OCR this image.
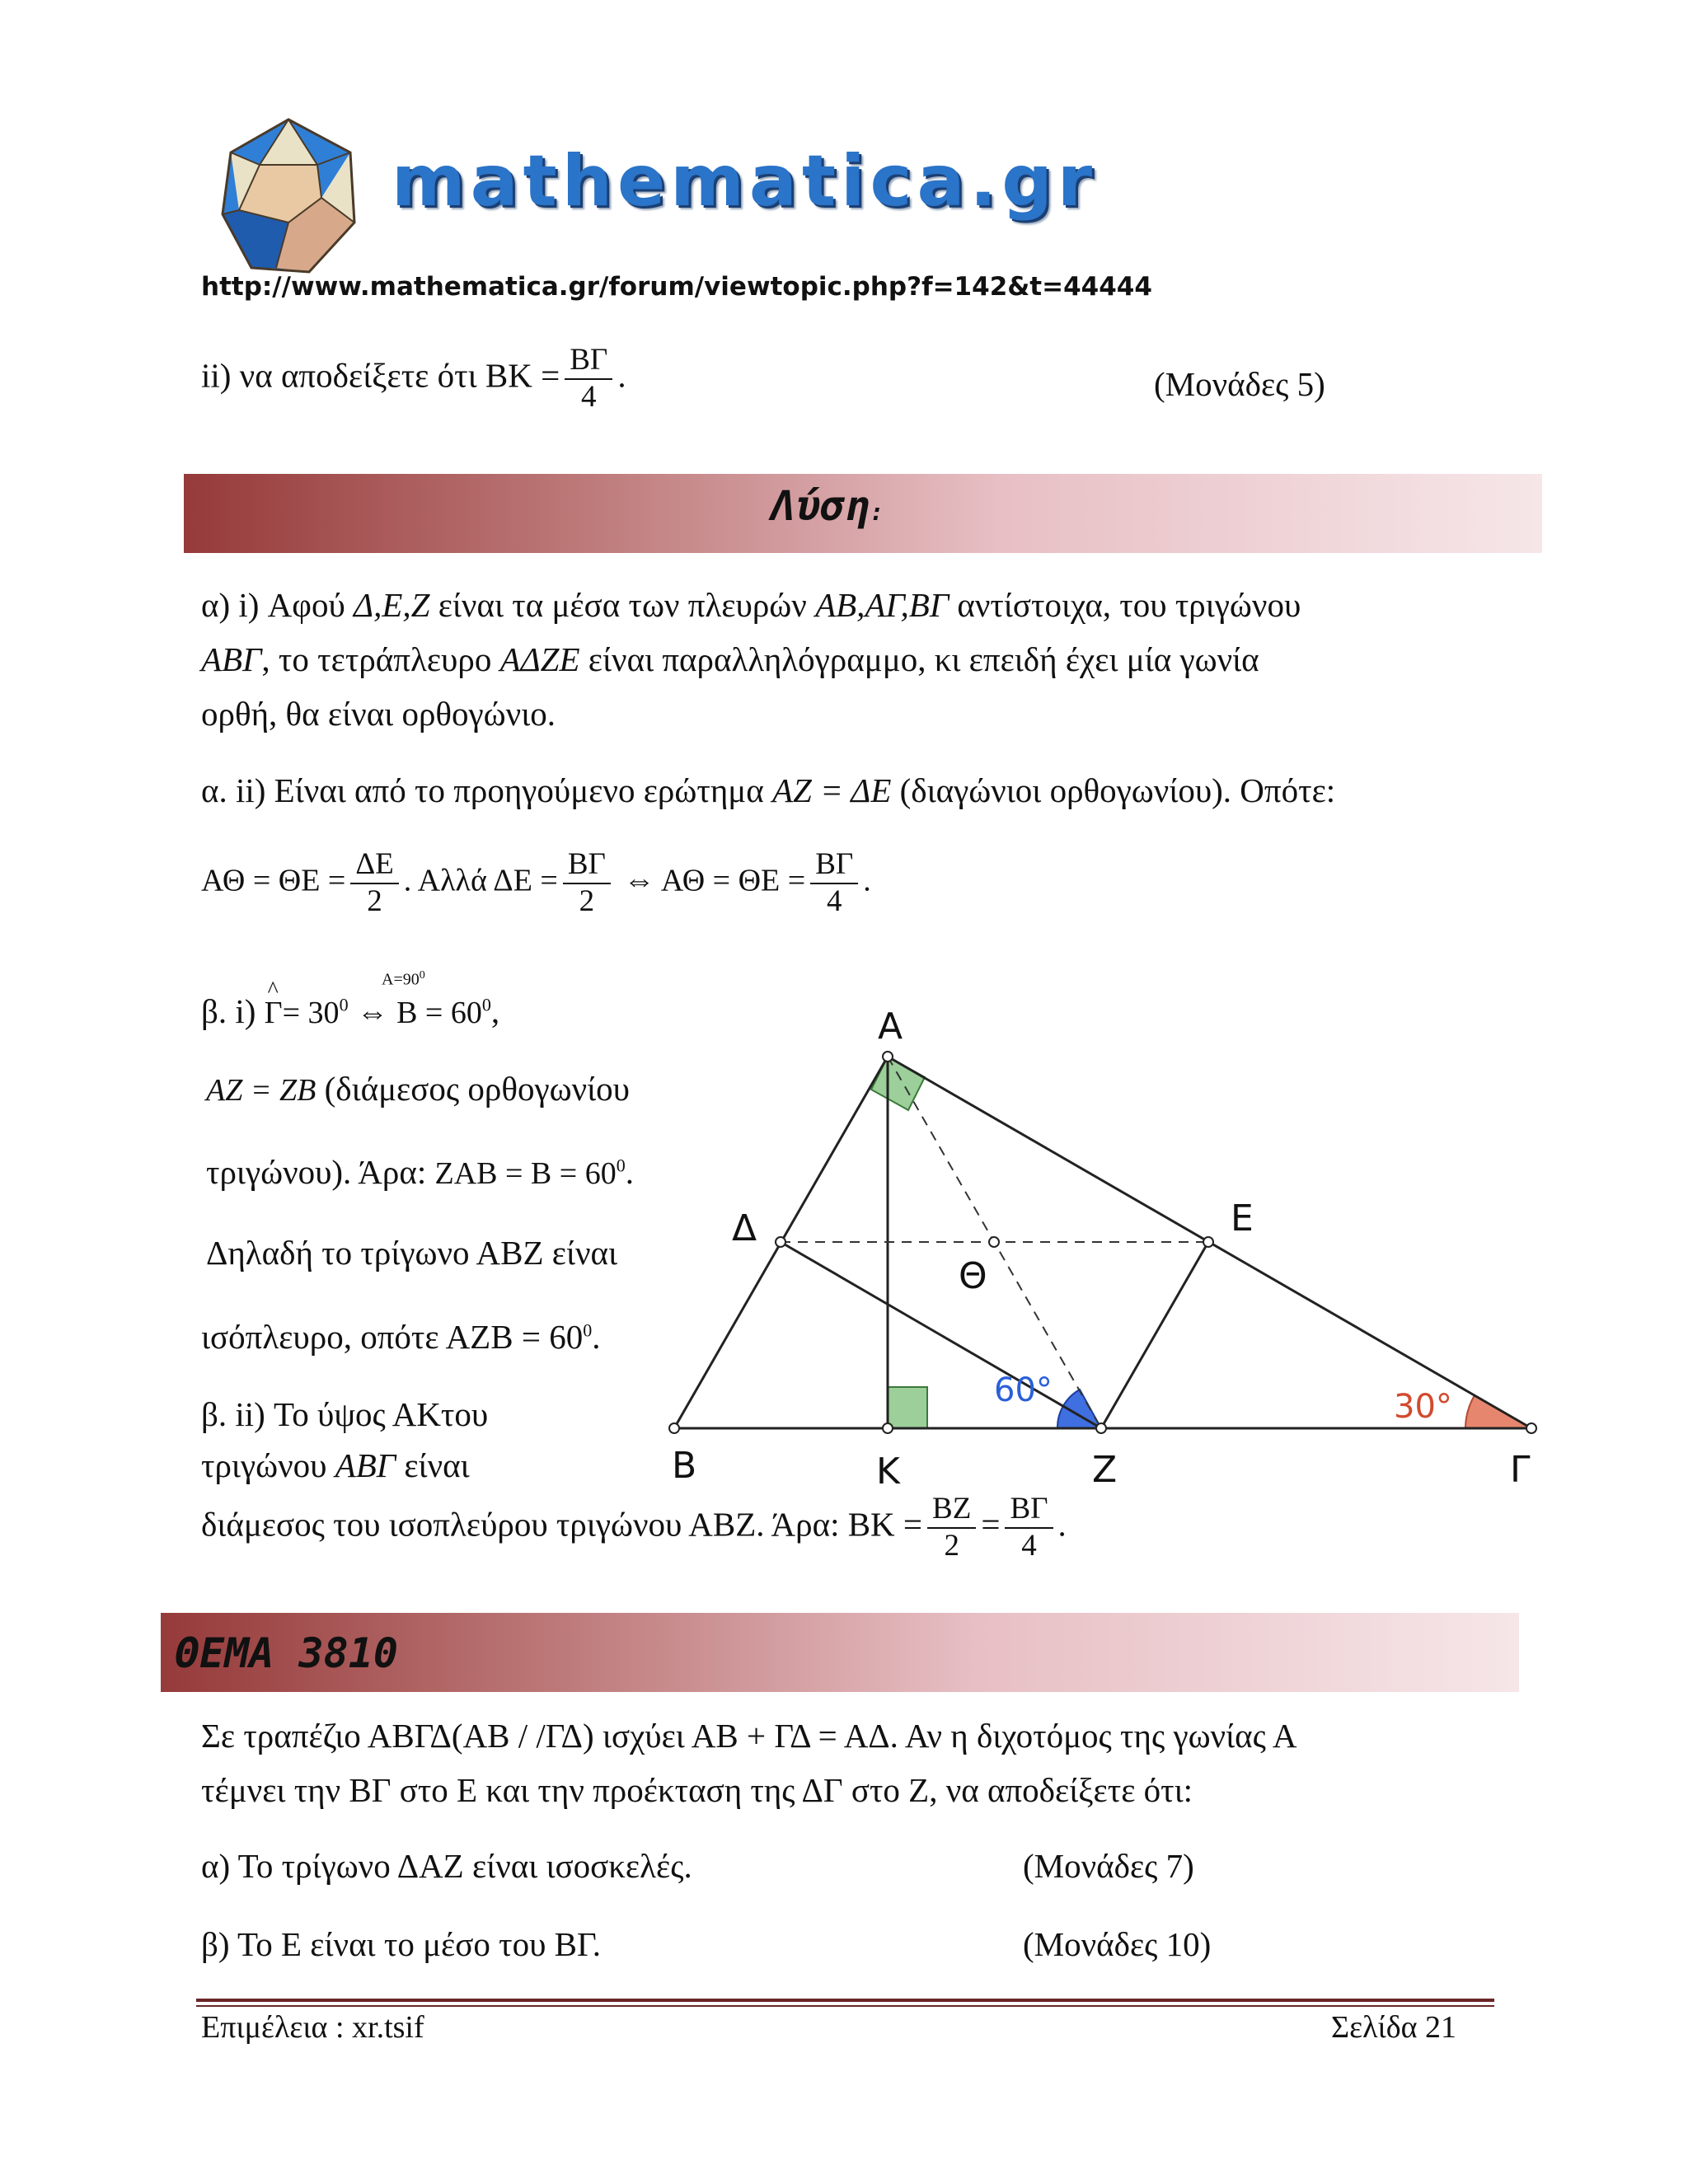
mathematica.gr
http://www.mathematica.gr/forum/viewtopic.php?f=142&t=44444
ii) να αποδείξετε ότι BK = $\frac{B\Gamma}{4}$ .	(Μονάδες 5)
Λύση:
α) i) Αφού Δ,Ε,Ζ είναι τα μέσα των πλευρών ΑΒ,ΑΓ,ΒΓ αντίστοιχα, του τριγώνου
ΑΒΓ, το τετράπλευρο ΑΔΖΕ είναι παραλληλόγραμμο, κι επειδή έχει μία γωνία
ορθή, θα είναι ορθογώνιο.
α. ii) Είναι από το προηγούμενο ερώτημα ΑΖ = ΔΕ (διαγώνιοι ορθογωνίου). Οπότε:
$A\Theta = \Theta E = \frac{\Delta E}{2}$ . Αλλά $\Delta E = \frac{B\Gamma}{2}$ ⇔ $A\Theta = \Theta E = \frac{B\Gamma}{4}$ .
$A=90^0$
β. i) ^ $\Gamma= 30^0$ ⇔ $B = 60^0$,
ΑΖ = ΖΒ (διάμεσος ορθογωνίου
τριγώνου). Άρα: $ZAB = B = 60^0$.
Δηλαδή το τρίγωνο ΑΒΖ είναι
ισόπλευρο, οπότε $AZB = 60^0$.
β. ii) Το ύψος ΑΚτου
τριγώνου ΑΒΓ είναι
διάμεσος του ισοπλεύρου τριγώνου ΑΒΖ. Άρα: $BK = \frac{BZ}{2} = \frac{B\Gamma}{4}$ .
A
B	K	Z	Γ
Δ	E
Θ
60°	30°
ΘΕΜΑ 3810
Σε τραπέζιο ΑΒΓΔ(ΑΒ / /ΓΔ) ισχύει ΑΒ + ΓΔ = ΑΔ. Αν η διχοτόμος της γωνίας Α
τέμνει την ΒΓ στο Ε και την προέκταση της ΔΓ στο Ζ, να αποδείξετε ότι:
α) Το τρίγωνο ΔΑΖ είναι ισοσκελές.	(Μονάδες 7)
β) Το Ε είναι το μέσο του ΒΓ.	(Μονάδες 10)
Επιμέλεια : xr.tsif	Σελίδα 21
